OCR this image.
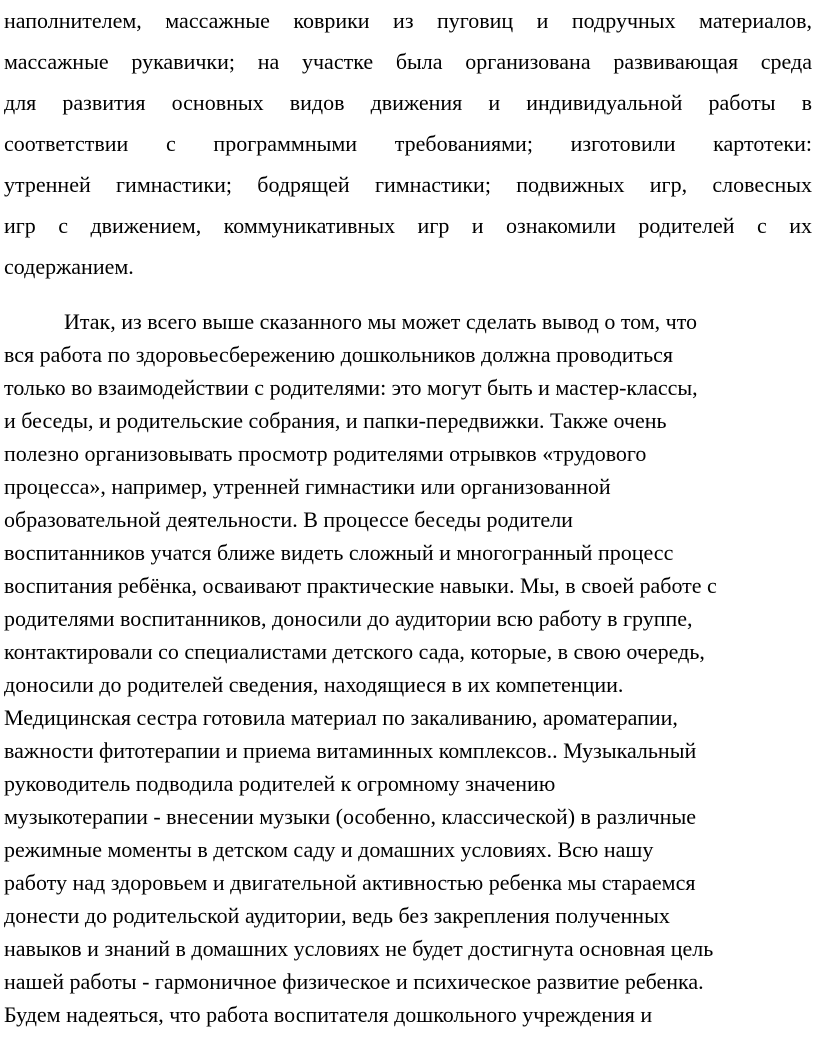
наполнителем, массажные коврики из пуговиц и подручных материалов,
массажные рукавички; на участке была организована развивающая среда
для развития основных видов движения и индивидуальной работы в
соответствии с программными требованиями; изготовили картотеки:
утренней гимнастики; бодрящей гимнастики; подвижных игр, словесных
игр с движением, коммуникативных игр и ознакомили родителей с их
содержанием.
Итак, из всего выше сказанного мы может сделать вывод о том, что
вся работа по здоровьесбережению дошкольников должна проводиться
только во взаимодействии с родителями: это могут быть и мастер-классы,
и беседы, и родительские собрания, и папки-передвижки. Также очень
полезно организовывать просмотр родителями отрывков «трудового
процесса», например, утренней гимнастики или организованной
образовательной деятельности. В процессе беседы родители
воспитанников учатся ближе видеть сложный и многогранный процесс
воспитания ребёнка, осваивают практические навыки. Мы, в своей работе с
родителями воспитанников, доносили до аудитории всю работу в группе,
контактировали со специалистами детского сада, которые, в свою очередь,
доносили до родителей сведения, находящиеся в их компетенции.
Медицинская сестра готовила материал по закаливанию, ароматерапии,
важности фитотерапии и приема витаминных комплексов.. Музыкальный
руководитель подводила родителей к огромному значению
музыкотерапии - внесении музыки (особенно, классической) в различные
режимные моменты в детском саду и домашних условиях. Всю нашу
работу над здоровьем и двигательной активностью ребенка мы стараемся
донести до родительской аудитории, ведь без закрепления полученных
навыков и знаний в домашних условиях не будет достигнута основная цель
нашей работы - гармоничное физическое и психическое развитие ребенка.
Будем надеяться, что работа воспитателя дошкольного учреждения и
